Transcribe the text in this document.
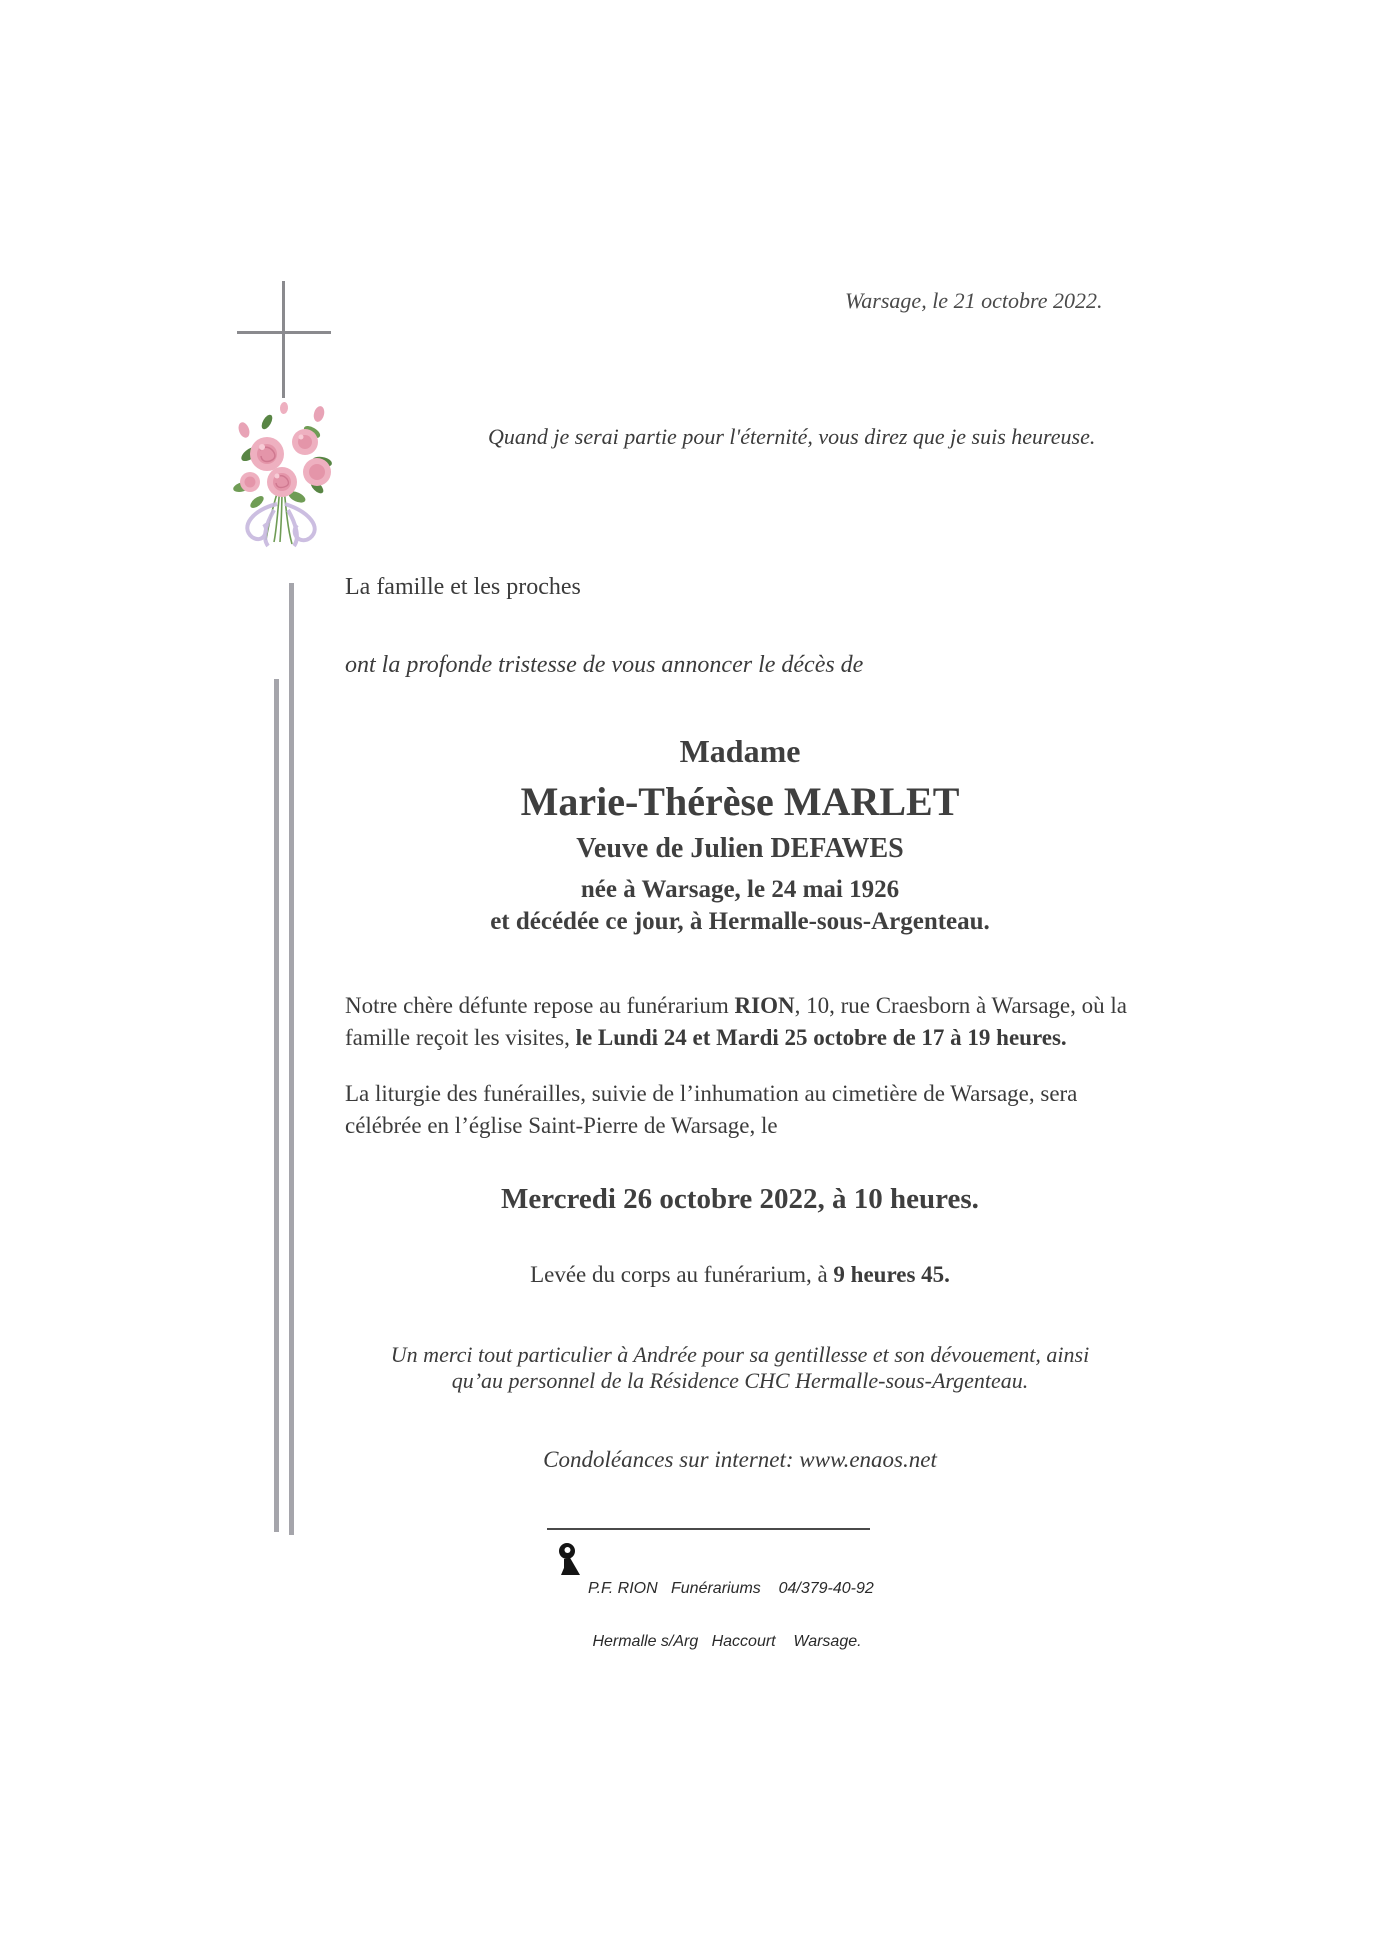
Warsage, le 21 octobre 2022.
Quand je serai partie pour l'éternité, vous direz que je suis heureuse.
La famille et les proches
ont la profonde tristesse de vous annoncer le décès de
Madame
Marie-Thérèse MARLET
Veuve de Julien DEFAWES
née à Warsage, le 24 mai 1926
et décédée ce jour, à Hermalle-sous-Argenteau.
Notre chère défunte repose au funérarium RION, 10, rue Craesborn à Warsage, où la
famille reçoit les visites, le Lundi 24 et Mardi 25 octobre de 17 à 19 heures.
La liturgie des funérailles, suivie de l’inhumation au cimetière de Warsage, sera
célébrée en l’église Saint-Pierre de Warsage, le
Mercredi 26 octobre 2022, à 10 heures.
Levée du corps au funérarium, à 9 heures 45.
Un merci tout particulier à Andrée pour sa gentillesse et son dévouement, ainsi
qu’au personnel de la Résidence CHC Hermalle-sous-Argenteau.
Condoléances sur internet: www.enaos.net

P.F. RION   Funérariums    04/379-40-92

Hermalle s/Arg   Haccourt    Warsage.
